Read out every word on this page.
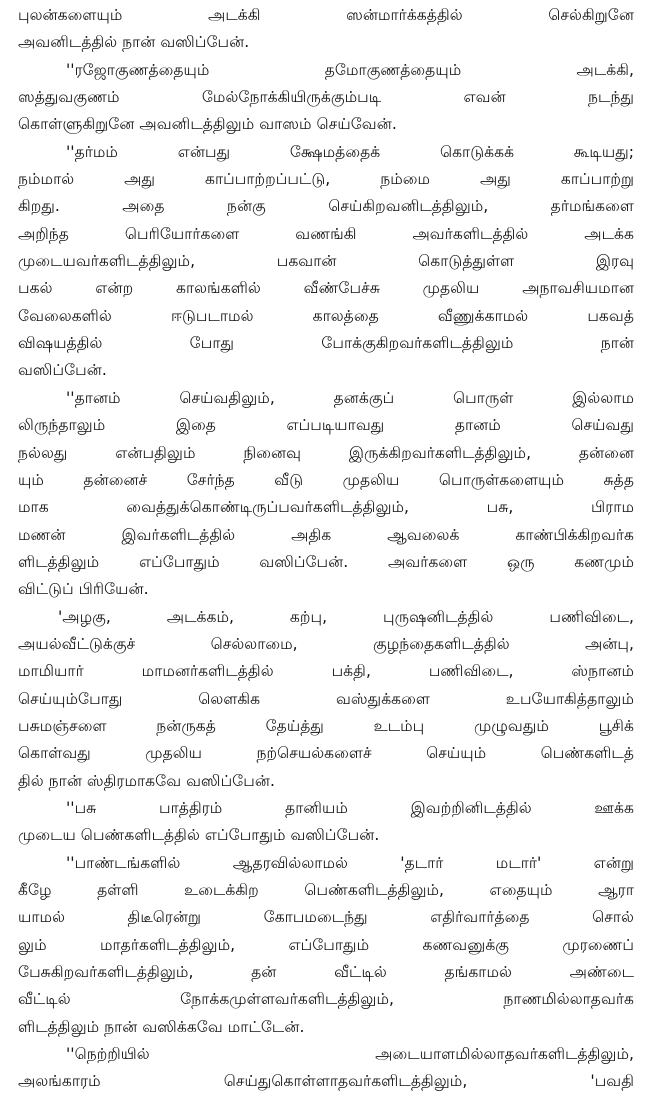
புலன்களையும் அடக்கி ஸன்மார்க்கத்தில் செல்கிறுனே
அவனிடத்தில் நான் வஸிப்பேன்.
''ரஜோகுணத்தையும் தமோகுணத்தையும் அடக்கி,
ஸத்துவகுணம் மேல்நோக்கியிருக்கும்படி எவன் நடந்து
கொள்ளுகிறுனே அவனிடத்திலும் வாஸம் செய்வேன்.
''தர்மம் என்பது க்ஷேமத்தைக் கொடுக்கக் கூடியது;
நம்மால் அது காப்பாற்றப்பட்டு, நம்மை அது காப்பாற்று
கிறது. அதை நன்கு செய்கிறவனிடத்திலும், தர்மங்களை
அறிந்த பெரியோர்களை வணங்கி அவர்களிடத்தில் அடக்க
முடையவர்களிடத்திலும், பகவான் கொடுத்துள்ள இரவு
பகல் என்ற காலங்களில் வீண்பேச்சு முதலிய அநாவசியமான
வேலைகளில் ஈடுபடாமல் காலத்தை வீணுக்காமல் பகவத்
விஷயத்தில் போது போக்குகிறவர்களிடத்திலும் நான்
வஸிப்பேன்.
''தானம் செய்வதிலும், தனக்குப் பொருள் இல்லாம
லிருந்தாலும் இதை எப்படியாவது தானம் செய்வது
நல்லது என்பதிலும் நினைவு இருக்கிறவர்களிடத்திலும், தன்னை
யும் தன்னைச் சேர்ந்த வீடு முதலிய பொருள்களையும் சுத்த
மாக வைத்துக்கொண்டிருப்பவர்களிடத்திலும், பசு, பிராம
மணன் இவர்களிடத்தில் அதிக ஆவலைக் காண்பிக்கிறவர்க
ளிடத்திலும் எப்போதும் வஸிப்பேன். அவர்களை ஒரு கணமும்
விட்டுப் பிரியேன்.
'அழகு, அடக்கம், கற்பு, புருஷனிடத்தில் பணிவிடை,
அயல்வீட்டுக்குச் செல்லாமை, குழந்தைகளிடத்தில் அன்பு,
மாமியார் மாமனர்களிடத்தில் பக்தி, பணிவிடை, ஸ்நானம்
செய்யும்போது லௌகிக வஸ்துக்களை உபயோகித்தாலும்
பசுமஞ்சளை நன்ருகத் தேய்த்து உடம்பு முழுவதும் பூசிக்
கொள்வது முதலிய நற்செயல்களைச் செய்யும் பெண்களிடத்
தில் நான் ஸ்திரமாகவே வஸிப்பேன்.
''பசு பாத்திரம் தானியம் இவற்றினிடத்தில் ஊக்க
முடைய பெண்களிடத்தில் எப்போதும் வஸிப்பேன்.
''பாண்டங்களில் ஆதரவில்லாமல் 'தடார் மடார்' என்று
கீழே தள்ளி உடைக்கிற பெண்களிடத்திலும், எதையும் ஆரா
யாமல் திடீரென்று கோபமடைந்து எதிர்வார்த்தை சொல்
லும் மாதர்களிடத்திலும், எப்போதும் கணவனுக்கு முரணைப்
பேசுகிறவர்களிடத்திலும், தன் வீட்டில் தங்காமல் அண்டை
வீட்டில் நோக்கமுள்ளவர்களிடத்திலும், நாணமில்லாதவர்க
ளிடத்திலும் நான் வஸிக்கவே மாட்டேன்.
''நெற்றியில் அடையாளமில்லாதவர்களிடத்திலும்,
அலங்காரம் செய்துகொள்ளாதவர்களிடத்திலும், 'பவதி
